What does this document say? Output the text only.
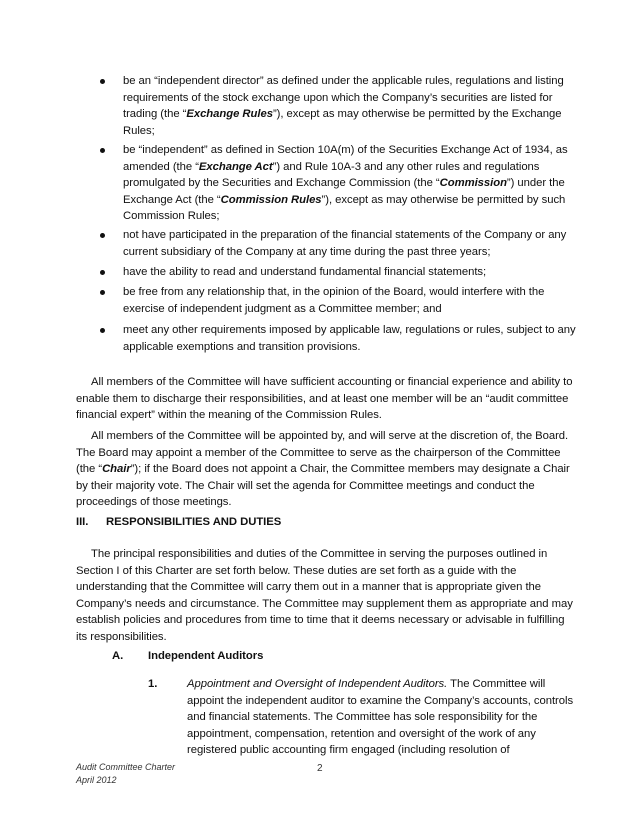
be an “independent director” as defined under the applicable rules, regulations and listing requirements of the stock exchange upon which the Company’s securities are listed for trading (the “Exchange Rules”), except as may otherwise be permitted by the Exchange Rules;
be “independent” as defined in Section 10A(m) of the Securities Exchange Act of 1934, as amended (the “Exchange Act”) and Rule 10A-3 and any other rules and regulations promulgated by the Securities and Exchange Commission (the “Commission”) under the Exchange Act (the “Commission Rules”), except as may otherwise be permitted by such Commission Rules;
not have participated in the preparation of the financial statements of the Company or any current subsidiary of the Company at any time during the past three years;
have the ability to read and understand fundamental financial statements;
be free from any relationship that, in the opinion of the Board, would interfere with the exercise of independent judgment as a Committee member; and
meet any other requirements imposed by applicable law, regulations or rules, subject to any applicable exemptions and transition provisions.
All members of the Committee will have sufficient accounting or financial experience and ability to enable them to discharge their responsibilities, and at least one member will be an “audit committee financial expert” within the meaning of the Commission Rules.
All members of the Committee will be appointed by, and will serve at the discretion of, the Board. The Board may appoint a member of the Committee to serve as the chairperson of the Committee (the “Chair”); if the Board does not appoint a Chair, the Committee members may designate a Chair by their majority vote. The Chair will set the agenda for Committee meetings and conduct the proceedings of those meetings.
III. RESPONSIBILITIES AND DUTIES
The principal responsibilities and duties of the Committee in serving the purposes outlined in Section I of this Charter are set forth below. These duties are set forth as a guide with the understanding that the Committee will carry them out in a manner that is appropriate given the Company’s needs and circumstance. The Committee may supplement them as appropriate and may establish policies and procedures from time to time that it deems necessary or advisable in fulfilling its responsibilities.
A. Independent Auditors
1.	Appointment and Oversight of Independent Auditors. The Committee will appoint the independent auditor to examine the Company’s accounts, controls and financial statements. The Committee has sole responsibility for the appointment, compensation, retention and oversight of the work of any registered public accounting firm engaged (including resolution of
Audit Committee Charter
April 2012
2
